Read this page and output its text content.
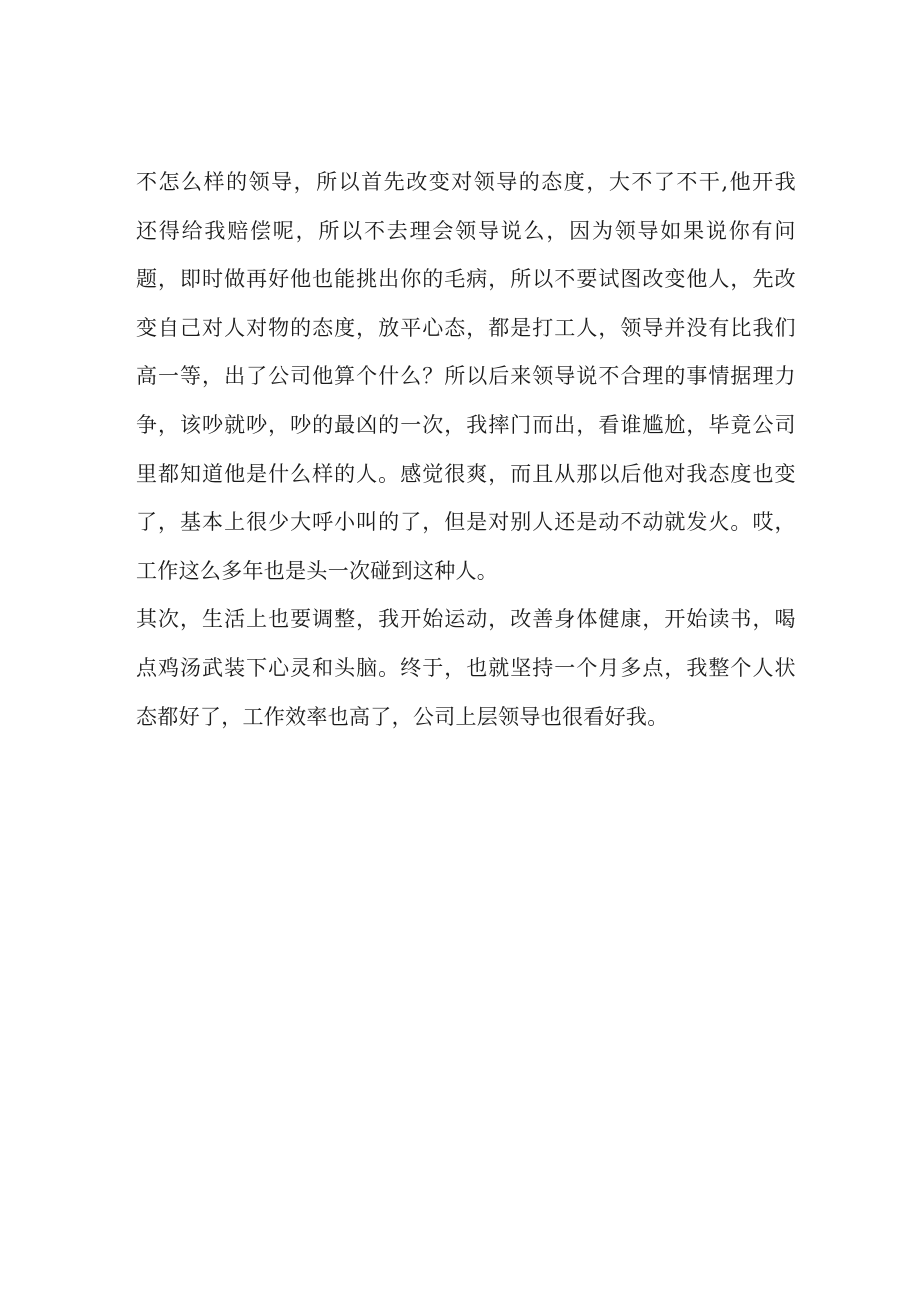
不 怎 么 样 的 领 导 ， 所 以 首 先 改 变 对 领 导 的 态 度 ， 大 不 了 不 干 , 他 开 我
还 得 给 我 赔 偿 呢 ， 所 以 不 去 理 会 领 导 说 么 ， 因 为 领 导 如 果 说 你 有 问
题 ， 即 时 做 再 好 他 也 能 挑 出 你 的 毛 病 ， 所 以 不 要 试 图 改 变 他 人 ， 先 改
变 自 己 对 人 对 物 的 态 度 ， 放 平 心 态 ， 都 是 打 工 人 ， 领 导 并 没 有 比 我 们
高 一 等 ， 出 了 公 司 他 算 个 什 么 ？ 所 以 后 来 领 导 说 不 合 理 的 事 情 据 理 力
争 ， 该 吵 就 吵 ， 吵 的 最 凶 的 一 次 ， 我 摔 门 而 出 ， 看 谁 尴 尬 ， 毕 竟 公 司
里 都 知 道 他 是 什 么 样 的 人 。 感 觉 很 爽 ， 而 且 从 那 以 后 他 对 我 态 度 也 变
了 ， 基 本 上 很 少 大 呼 小 叫 的 了 ， 但 是 对 别 人 还 是 动 不 动 就 发 火 。 哎 ，
工作这么多年也是头一次碰到这种人。
其 次 ， 生 活 上 也 要 调 整 ， 我 开 始 运 动 ， 改 善 身 体 健 康 ， 开 始 读 书 ， 喝
点 鸡 汤 武 装 下 心 灵 和 头 脑 。 终 于 ， 也 就 坚 持 一 个 月 多 点 ， 我 整 个 人 状
态都好了，工作效率也高了，公司上层领导也很看好我。
